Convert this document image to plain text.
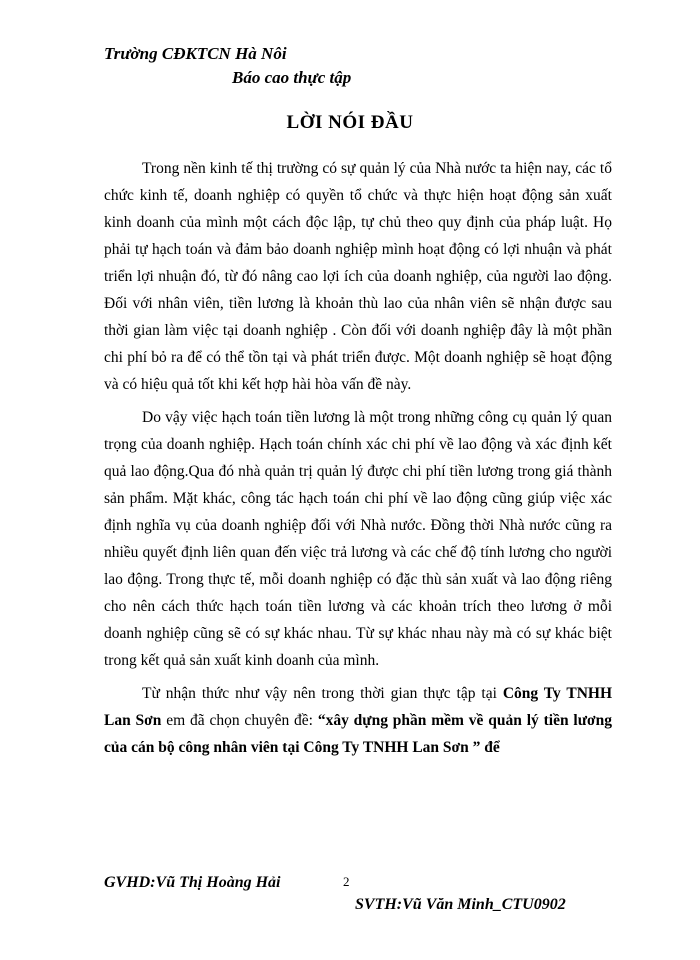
Trường CĐKTCN Hà Nôi
Báo cao thực tập
LỜI NÓI ĐẦU

Trong nền kinh tế thị trường có sự quản lý của Nhà nước ta hiện nay, các tổ chức kinh tế, doanh nghiệp có quyền tổ chức và thực hiện hoạt động sản xuất kinh doanh của mình một cách độc lập, tự chủ theo quy định của pháp luật. Họ phải tự hạch toán và đảm bảo doanh nghiệp mình hoạt động có lợi nhuận và phát triển lợi nhuận đó, từ đó nâng cao lợi ích của doanh nghiệp, của người lao động. Đối với nhân viên, tiền lương là khoản thù lao của nhân viên sẽ nhận được sau thời gian làm việc tại doanh nghiệp . Còn đối với doanh nghiệp đây là một phần chi phí bỏ ra để có thể tồn tại và phát triển được. Một doanh nghiệp sẽ hoạt động và có hiệu quả tốt khi kết hợp hài hòa vấn đề này.

Do vậy việc hạch toán tiền lương là một trong những công cụ quản lý quan trọng của doanh nghiệp. Hạch toán chính xác chi phí về lao động và xác định kết quả lao động.Qua đó nhà quản trị quản lý được chi phí tiền lương trong giá thành sản phẩm. Mặt khác, công tác hạch toán chi phí về lao động cũng giúp việc xác định nghĩa vụ của doanh nghiệp đối với Nhà nước. Đồng thời Nhà nước cũng ra nhiều quyết định liên quan đến việc trả lương và các chế độ tính lương cho người lao động. Trong thực tế, mỗi doanh nghiệp có đặc thù sản xuất và lao động riêng cho nên cách thức hạch toán tiền lương và các khoản trích theo lương ở mỗi doanh nghiệp cũng sẽ có sự khác nhau. Từ sự khác nhau này mà có sự khác biệt trong kết quả sản xuất kinh doanh của mình.

Từ nhận thức như vậy nên trong thời gian thực tập tại Công Ty TNHH Lan Sơn em đã chọn chuyên đề: “xây dựng phần mềm về quản lý tiền lương của cán bộ công nhân viên tại Công Ty TNHH Lan Sơn ” để

GVHD:Vũ Thị Hoàng Hải	2
SVTH:Vũ Văn Minh_CTU0902
